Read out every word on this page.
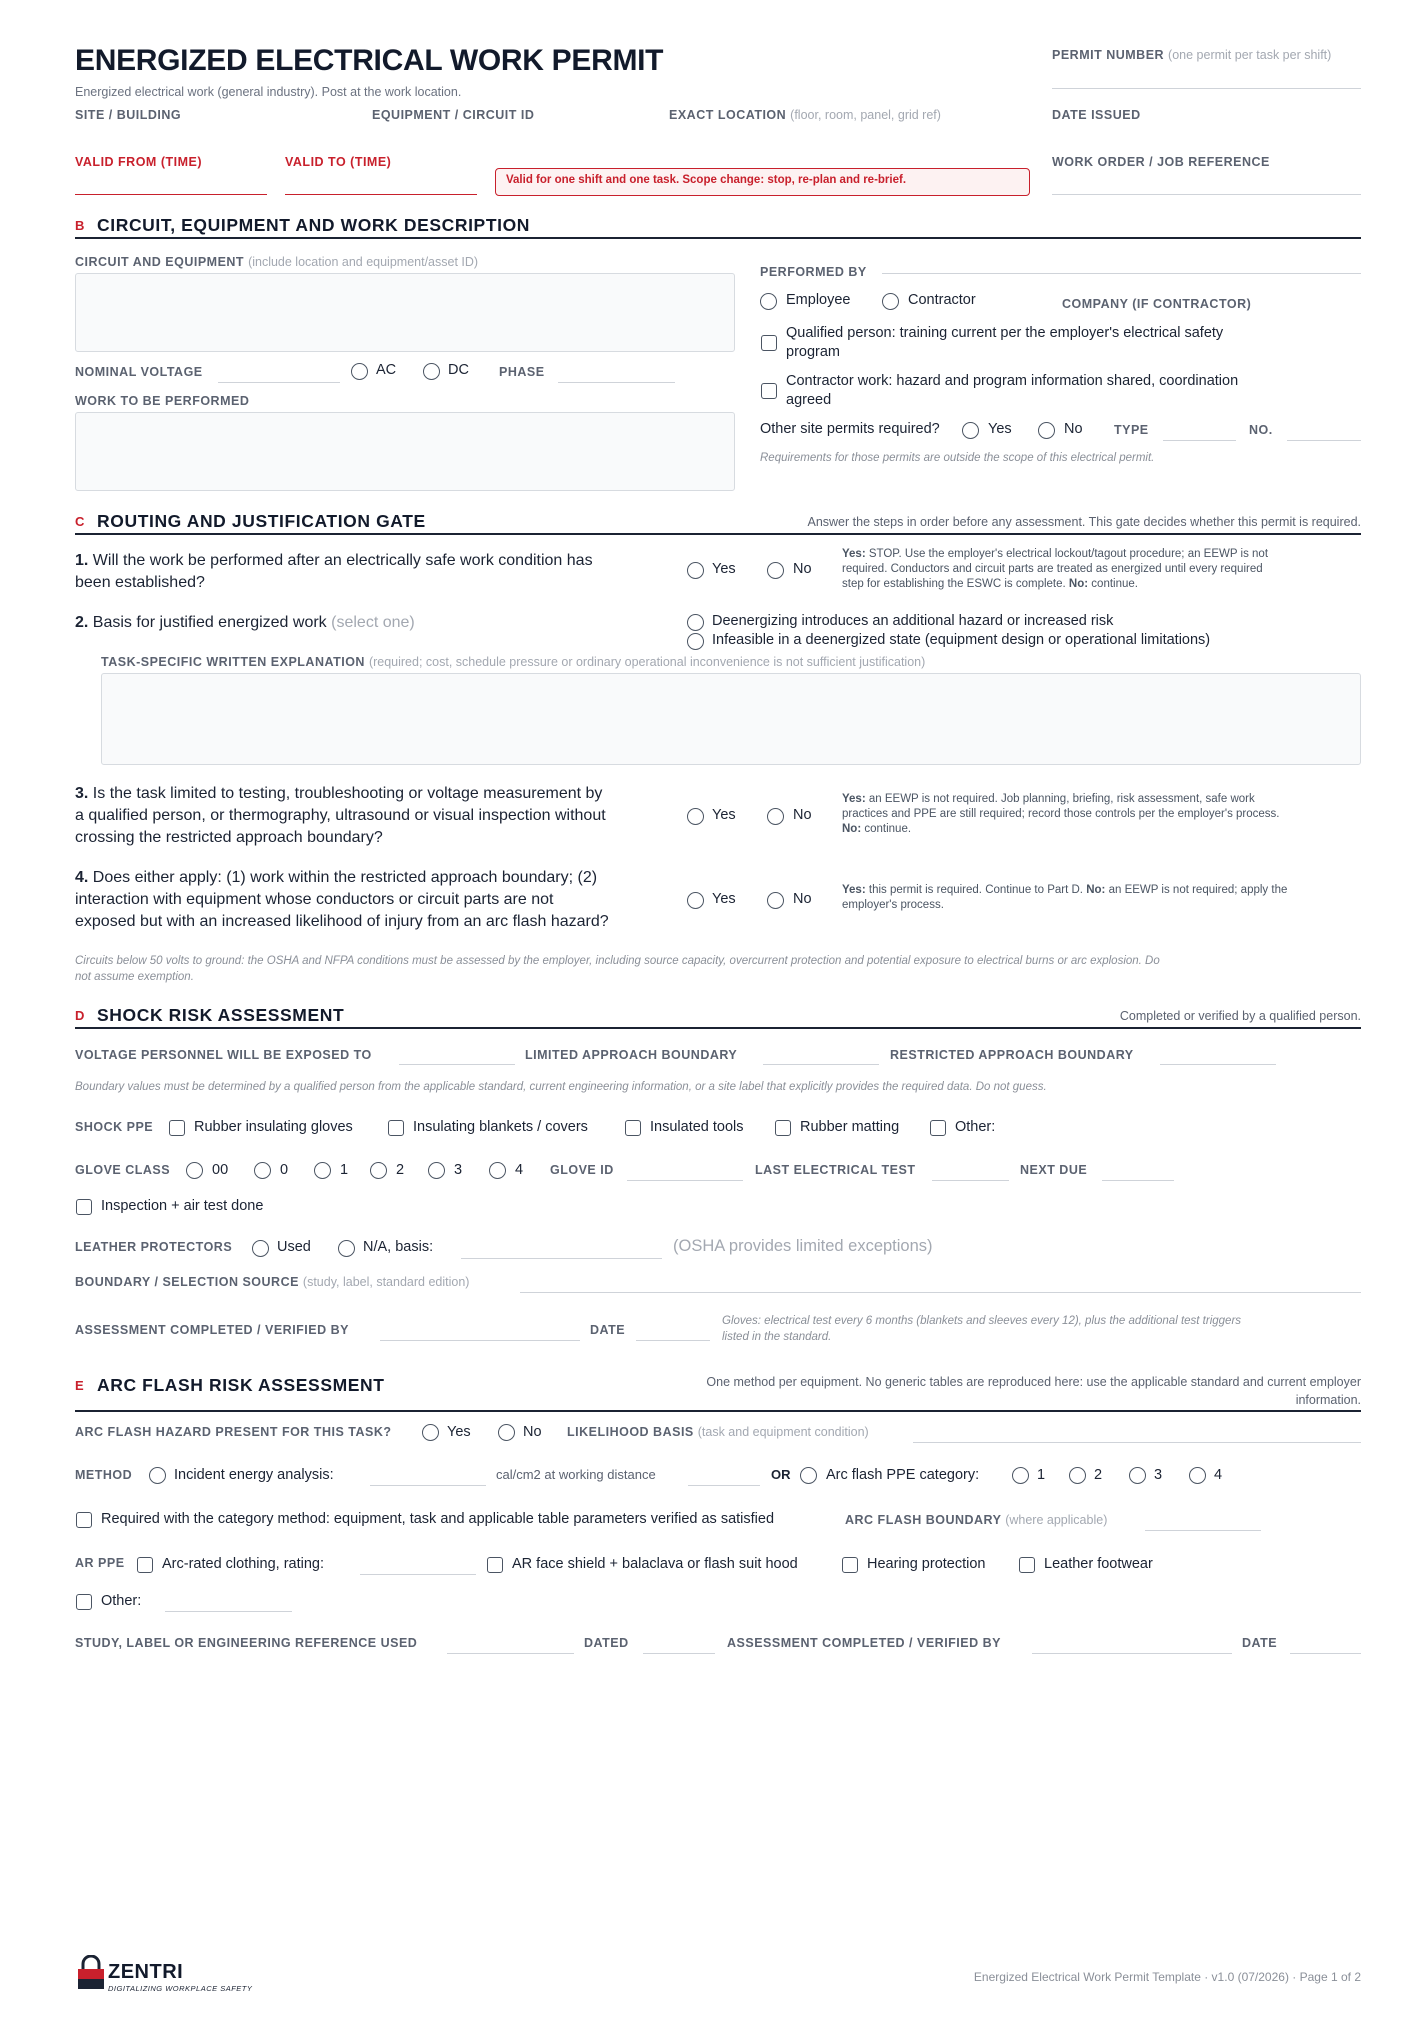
ENERGIZED ELECTRICAL WORK PERMIT
Energized electrical work (general industry). Post at the work location.
PERMIT NUMBER (one permit per task per shift)
SITE / BUILDING	EQUIPMENT / CIRCUIT ID	EXACT LOCATION (floor, room, panel, grid ref)	DATE ISSUED
VALID FROM (TIME)	VALID TO (TIME)
Valid for one shift and one task. Scope change: stop, re-plan and re-brief.
WORK ORDER / JOB REFERENCE
B CIRCUIT, EQUIPMENT AND WORK DESCRIPTION
CIRCUIT AND EQUIPMENT (include location and equipment/asset ID)
NOMINAL VOLTAGE	AC	DC PHASE
WORK TO BE PERFORMED
PERFORMED BY
Employee	Contractor	COMPANY (IF CONTRACTOR)
Qualified person: training current per the employer's electrical safety
program
Contractor work: hazard and program information shared, coordination
agreed
Other site permits required?	Yes	No	TYPE	NO.
Requirements for those permits are outside the scope of this electrical permit.
C ROUTING AND JUSTIFICATION GATE	Answer the steps in order before any assessment. This gate decides whether this permit is required.
1. Will the work be performed after an electrically safe work condition has
been established?
Yes	No
Yes: STOP. Use the employer's electrical lockout/tagout procedure; an EEWP is not
required. Conductors and circuit parts are treated as energized until every required
step for establishing the ESWC is complete. No: continue.
2. Basis for justified energized work (select one)	Deenergizing introduces an additional hazard or increased risk
Infeasible in a deenergized state (equipment design or operational limitations)
TASK-SPECIFIC WRITTEN EXPLANATION (required; cost, schedule pressure or ordinary operational inconvenience is not sufficient justification)
3. Is the task limited to testing, troubleshooting or voltage measurement by
a qualified person, or thermography, ultrasound or visual inspection without
crossing the restricted approach boundary?
Yes	No
Yes: an EEWP is not required. Job planning, briefing, risk assessment, safe work
practices and PPE are still required; record those controls per the employer's process.
No: continue.
4. Does either apply: (1) work within the restricted approach boundary; (2)
interaction with equipment whose conductors or circuit parts are not
exposed but with an increased likelihood of injury from an arc flash hazard?
Yes	No
Yes: this permit is required. Continue to Part D. No: an EEWP is not required; apply the
employer's process.
Circuits below 50 volts to ground: the OSHA and NFPA conditions must be assessed by the employer, including source capacity, overcurrent protection and potential exposure to electrical burns or arc explosion. Do
not assume exemption.
D SHOCK RISK ASSESSMENT	Completed or verified by a qualified person.
VOLTAGE PERSONNEL WILL BE EXPOSED TO	LIMITED APPROACH BOUNDARY	RESTRICTED APPROACH BOUNDARY
Boundary values must be determined by a qualified person from the applicable standard, current engineering information, or a site label that explicitly provides the required data. Do not guess.
SHOCK PPE	Rubber insulating gloves	Insulating blankets / covers	Insulated tools	Rubber matting	Other:
GLOVE CLASS	00	0	1	2	3	4 GLOVE ID	LAST ELECTRICAL TEST	NEXT DUE
Inspection + air test done
LEATHER PROTECTORS	Used	N/A, basis:	(OSHA provides limited exceptions)
BOUNDARY / SELECTION SOURCE (study, label, standard edition)
ASSESSMENT COMPLETED / VERIFIED BY	DATE
Gloves: electrical test every 6 months (blankets and sleeves every 12), plus the additional test triggers
listed in the standard.
E ARC FLASH RISK ASSESSMENT	One method per equipment. No generic tables are reproduced here: use the applicable standard and current employer
information.
ARC FLASH HAZARD PRESENT FOR THIS TASK?	Yes	No LIKELIHOOD BASIS (task and equipment condition)
METHOD	Incident energy analysis:	cal/cm2 at working distance	OR Arc flash PPE category:	1	2	3	4
Required with the category method: equipment, task and applicable table parameters verified as satisfied	ARC FLASH BOUNDARY (where applicable)
AR PPE	Arc-rated clothing, rating:	AR face shield + balaclava or flash suit hood	Hearing protection	Leather footwear
Other:
STUDY, LABEL OR ENGINEERING REFERENCE USED	DATED	ASSESSMENT COMPLETED / VERIFIED BY	DATE
ZENTRI
DIGITALIZING WORKPLACE SAFETY
Energized Electrical Work Permit Template · v1.0 (07/2026) · Page 1 of 2
